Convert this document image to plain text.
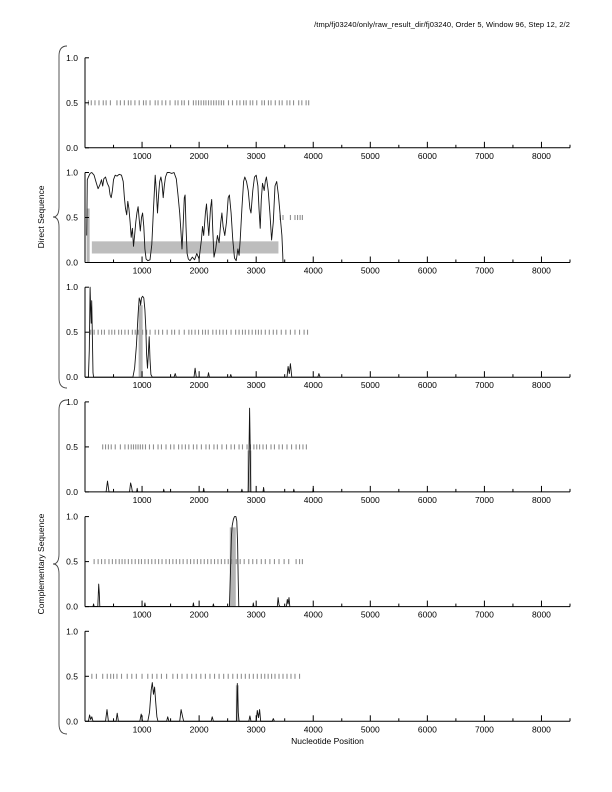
/tmp/fj03240/only/raw_result_dir/fj03240, Order 5, Window 96, Step 12, 2/2
0.0
0.5
1.0
1000	2000	3000	4000	5000	6000	7000	8000
0.0
0.5
1.0
1000	2000	3000	4000	5000	6000	7000	8000
0.0
0.5
1.0
1000	2000	3000	4000	5000	6000	7000	8000
0.0
0.5
1.0
1000	2000	3000	4000	5000	6000	7000	8000
0.0
0.5
1.0
1000	2000	3000	4000	5000	6000	7000	8000
0.0
0.5
1.0
1000	2000	3000	4000	5000	6000	7000	8000
Direct Sequence
Complementary Sequence
Nucleotide Position
